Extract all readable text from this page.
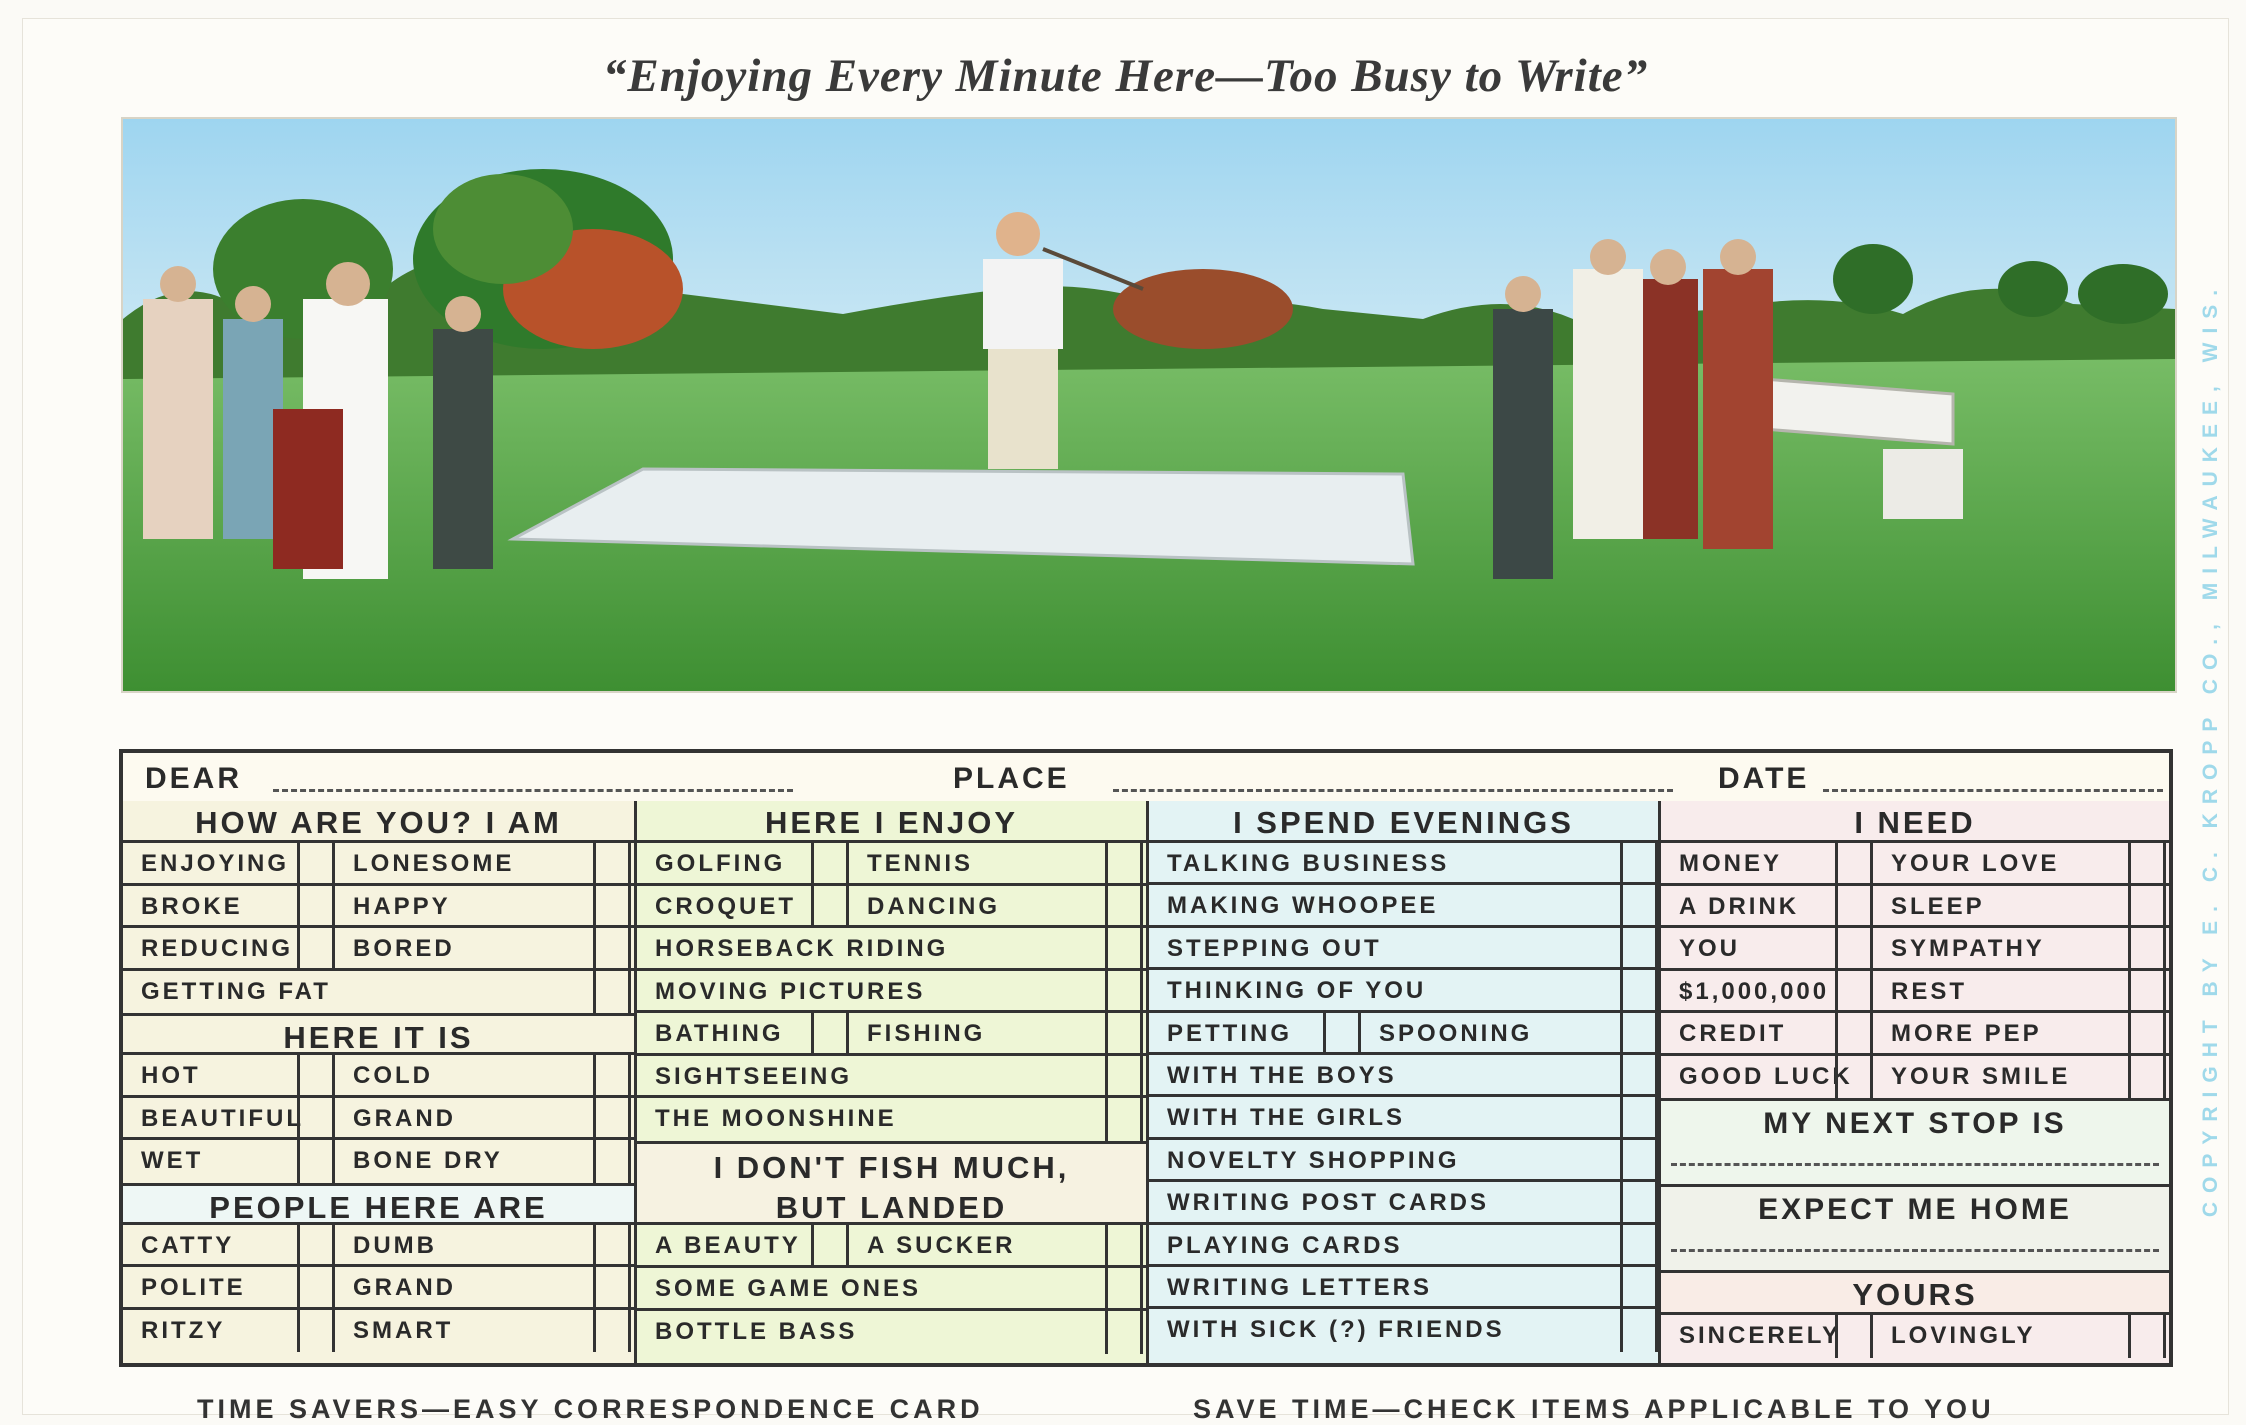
“Enjoying Every Minute Here—Too Busy to Write”
COPYRIGHT BY E. C. KROPP CO., MILWAUKEE, WIS.
DEAR	PLACE	DATE
HOW ARE YOU? I AM
ENJOYING	LONESOME
BROKE	HAPPY
REDUCING	BORED
GETTING FAT
HERE IT IS
HOT	COLD
BEAUTIFUL	GRAND
WET	BONE DRY
PEOPLE HERE ARE
CATTY	DUMB
POLITE	GRAND
RITZY	SMART
HERE I ENJOY
GOLFING	TENNIS
CROQUET	DANCING
HORSEBACK RIDING
MOVING PICTURES
BATHING	FISHING
SIGHTSEEING
THE MOONSHINE
I DON'T FISH MUCH,
BUT LANDED
A BEAUTY	A SUCKER
SOME GAME ONES
BOTTLE BASS
I SPEND EVENINGS
TALKING BUSINESS
MAKING WHOOPEE
STEPPING OUT
THINKING OF YOU
PETTING	SPOONING
WITH THE BOYS
WITH THE GIRLS
NOVELTY SHOPPING
WRITING POST CARDS
PLAYING CARDS
WRITING LETTERS
WITH SICK (?) FRIENDS
I NEED
MONEY	YOUR LOVE
A DRINK	SLEEP
YOU	SYMPATHY
$1,000,000	REST
CREDIT	MORE PEP
GOOD LUCK	YOUR SMILE
MY NEXT STOP IS
EXPECT ME HOME
YOURS
SINCERELY	LOVINGLY
TIME SAVERS—EASY CORRESPONDENCE CARD	SAVE TIME—CHECK ITEMS APPLICABLE TO YOU
